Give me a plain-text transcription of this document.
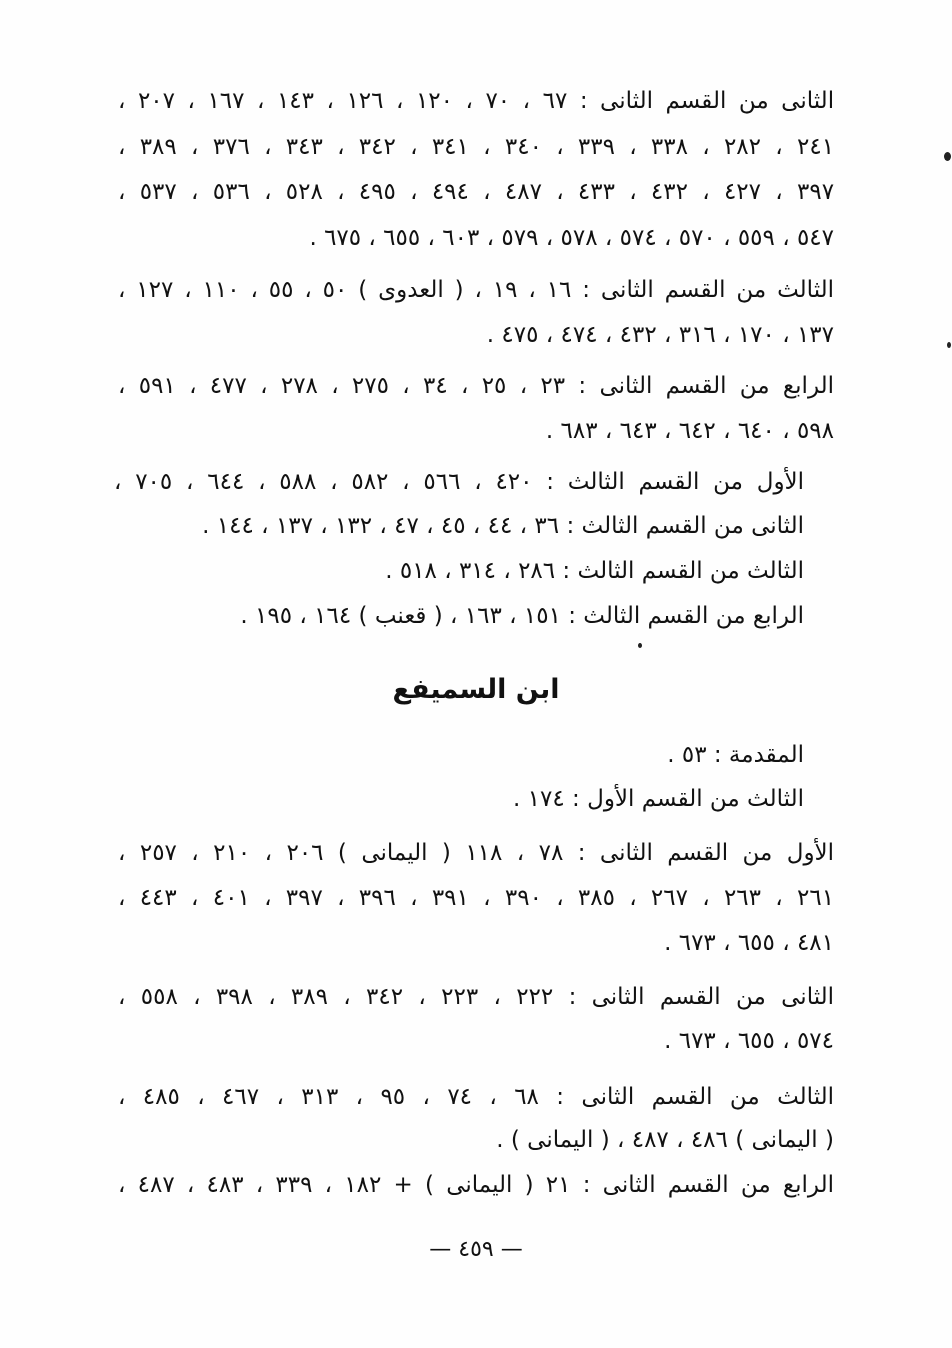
الثانى من القسم الثانى : ٦٧ ، ٧٠ ، ١٢٠ ، ١٢٦ ، ١٤٣ ، ١٦٧ ، ٢٠٧ ،
٢٤١ ، ٢٨٢ ، ٣٣٨ ، ٣٣٩ ، ٣٤٠ ، ٣٤١ ، ٣٤٢ ، ٣٤٣ ، ٣٧٦ ، ٣٨٩ ،
٣٩٧ ، ٤٢٧ ، ٤٣٢ ، ٤٣٣ ، ٤٨٧ ، ٤٩٤ ، ٤٩٥ ، ٥٢٨ ، ٥٣٦ ، ٥٣٧ ،
٥٤٧ ، ٥٥٩ ، ٥٧٠ ، ٥٧٤ ، ٥٧٨ ، ٥٧٩ ، ٦٠٣ ، ٦٥٥ ، ٦٧٥ .
الثالث من القسم الثانى : ١٦ ، ١٩ ، ( العدوى ) ٥٠ ، ٥٥ ، ١١٠ ، ١٢٧ ،
١٣٧ ، ١٧٠ ، ٣١٦ ، ٤٣٢ ، ٤٧٤ ، ٤٧٥ .
الرابع من القسم الثانى : ٢٣ ، ٢٥ ، ٣٤ ، ٢٧٥ ، ٢٧٨ ، ٤٧٧ ، ٥٩١ ،
٥٩٨ ، ٦٤٠ ، ٦٤٢ ، ٦٤٣ ، ٦٨٣ .
الأول من القسم الثالث : ٤٢٠ ، ٥٦٦ ، ٥٨٢ ، ٥٨٨ ، ٦٤٤ ، ٧٠٥ ،
الثانى من القسم الثالث : ٣٦ ، ٤٤ ، ٤٥ ، ٤٧ ، ١٣٢ ، ١٣٧ ، ١٤٤ .
الثالث من القسم الثالث : ٢٨٦ ، ٣١٤ ، ٥١٨ .
الرابع من القسم الثالث : ١٥١ ، ١٦٣ ، ( قعنب ) ١٦٤ ، ١٩٥ .
ابن السميفع
المقدمة : ٥٣ .
الثالث من القسم الأول : ١٧٤ .
الأول من القسم الثانى : ٧٨ ، ١١٨ ( اليمانى ) ٢٠٦ ، ٢١٠ ، ٢٥٧ ،
٢٦١ ، ٢٦٣ ، ٢٦٧ ، ٣٨٥ ، ٣٩٠ ، ٣٩١ ، ٣٩٦ ، ٣٩٧ ، ٤٠١ ، ٤٤٣ ،
٤٨١ ، ٦٥٥ ، ٦٧٣ .
الثانى من القسم الثانى : ٢٢٢ ، ٢٢٣ ، ٣٤٢ ، ٣٨٩ ، ٣٩٨ ، ٥٥٨ ،
٥٧٤ ، ٦٥٥ ، ٦٧٣ .
الثالث من القسم الثانى : ٦٨ ، ٧٤ ، ٩٥ ، ٣١٣ ، ٤٦٧ ، ٤٨٥ ،
( اليمانى ) ٤٨٦ ، ٤٨٧ ، ( اليمانى ) .
الرابع من القسم الثانى : ٢١ ( اليمانى ) + ١٨٢ ، ٣٣٩ ، ٤٨٣ ، ٤٨٧ ،
— ٤٥٩ —
